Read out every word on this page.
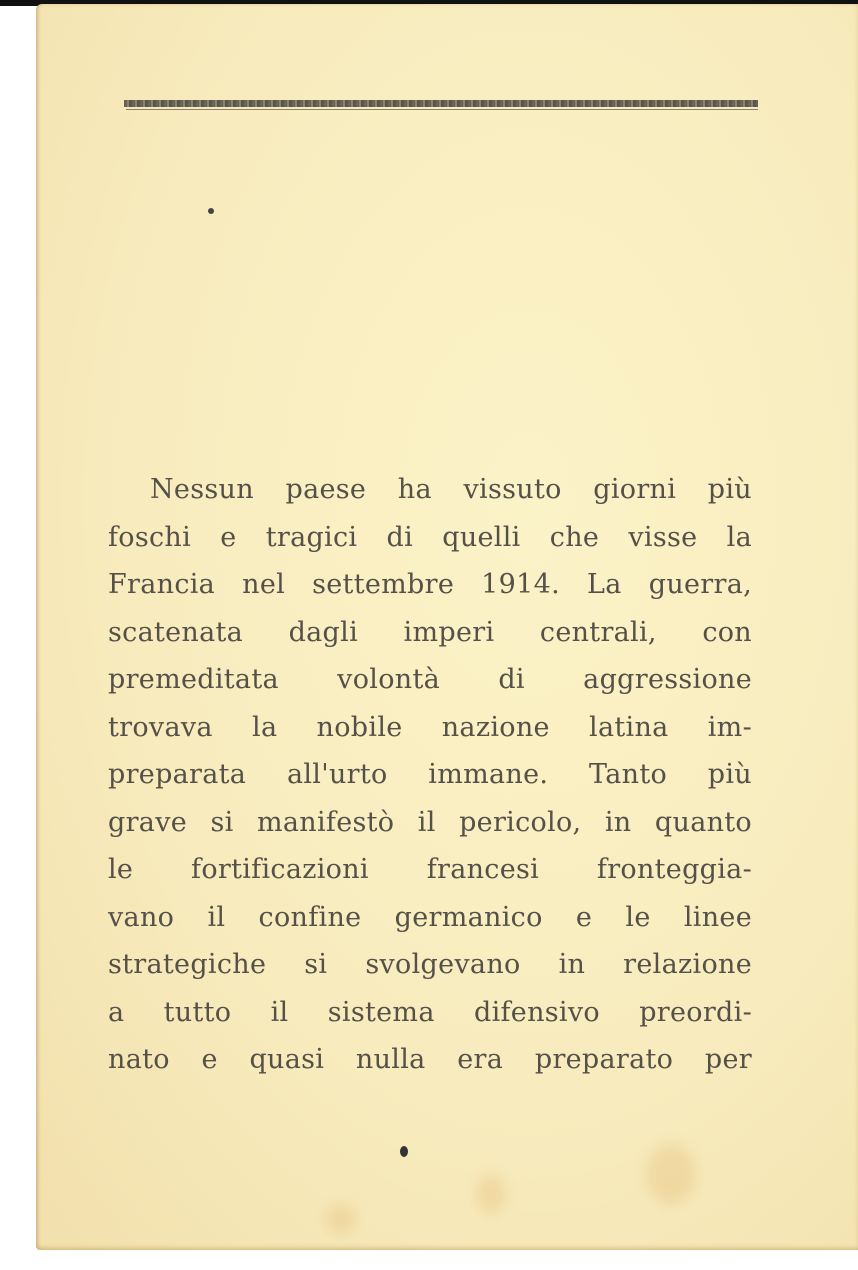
Nessun paese ha vissuto giorni più
foschi e tragici di quelli che visse la
Francia nel settembre 1914. La guerra,
scatenata dagli imperi centrali, con
premeditata volontà di aggressione
trovava la nobile nazione latina im-
preparata all'urto immane. Tanto più
grave si manifestò il pericolo, in quanto
le fortificazioni francesi fronteggia-
vano il confine germanico e le linee
strategiche si svolgevano in relazione
a tutto il sistema difensivo preordi-
nato e quasi nulla era preparato per
